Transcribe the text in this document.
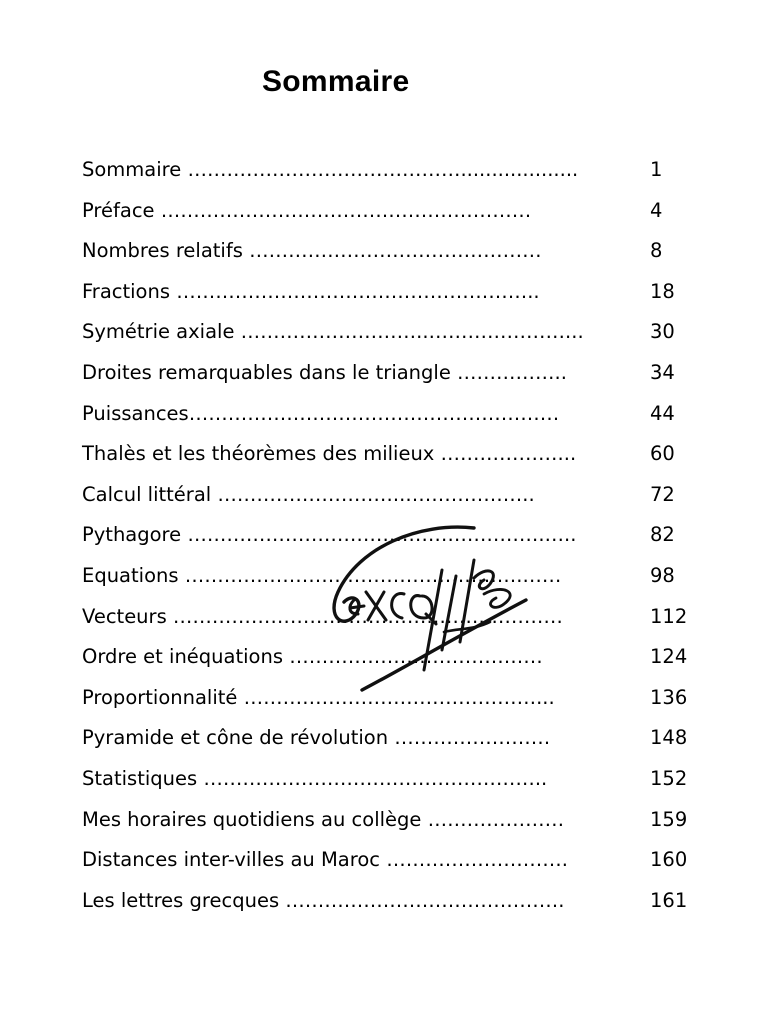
Sommaire
Sommaire ……………………………………...................	1
Préface …………………………………………………	4
Nombres relatifs ………………………………………	8
Fractions ………………………………………………..	18
Symétrie axiale ………………………..…………………...	30
Droites remarquables dans le triangle ……………..	34
Puissances…………………………………………………	44
Thalès et les théorèmes des milieux ………………...	60
Calcul littéral ………………………..………………..	72
Pythagore ……………………………………………….…..	82
Equations …………………………………………….……	98
Vecteurs ……………………………………………………	112
Ordre et inéquations …………………………………	124
Proportionnalité ………………………………………...	136
Pyramide et cône de révolution ……………………	148
Statistiques ……………………………………………..	152
Mes horaires quotidiens au collège …………………	159
Distances inter-villes au Maroc ……………………….	160
Les lettres grecques …………………………………….	161
